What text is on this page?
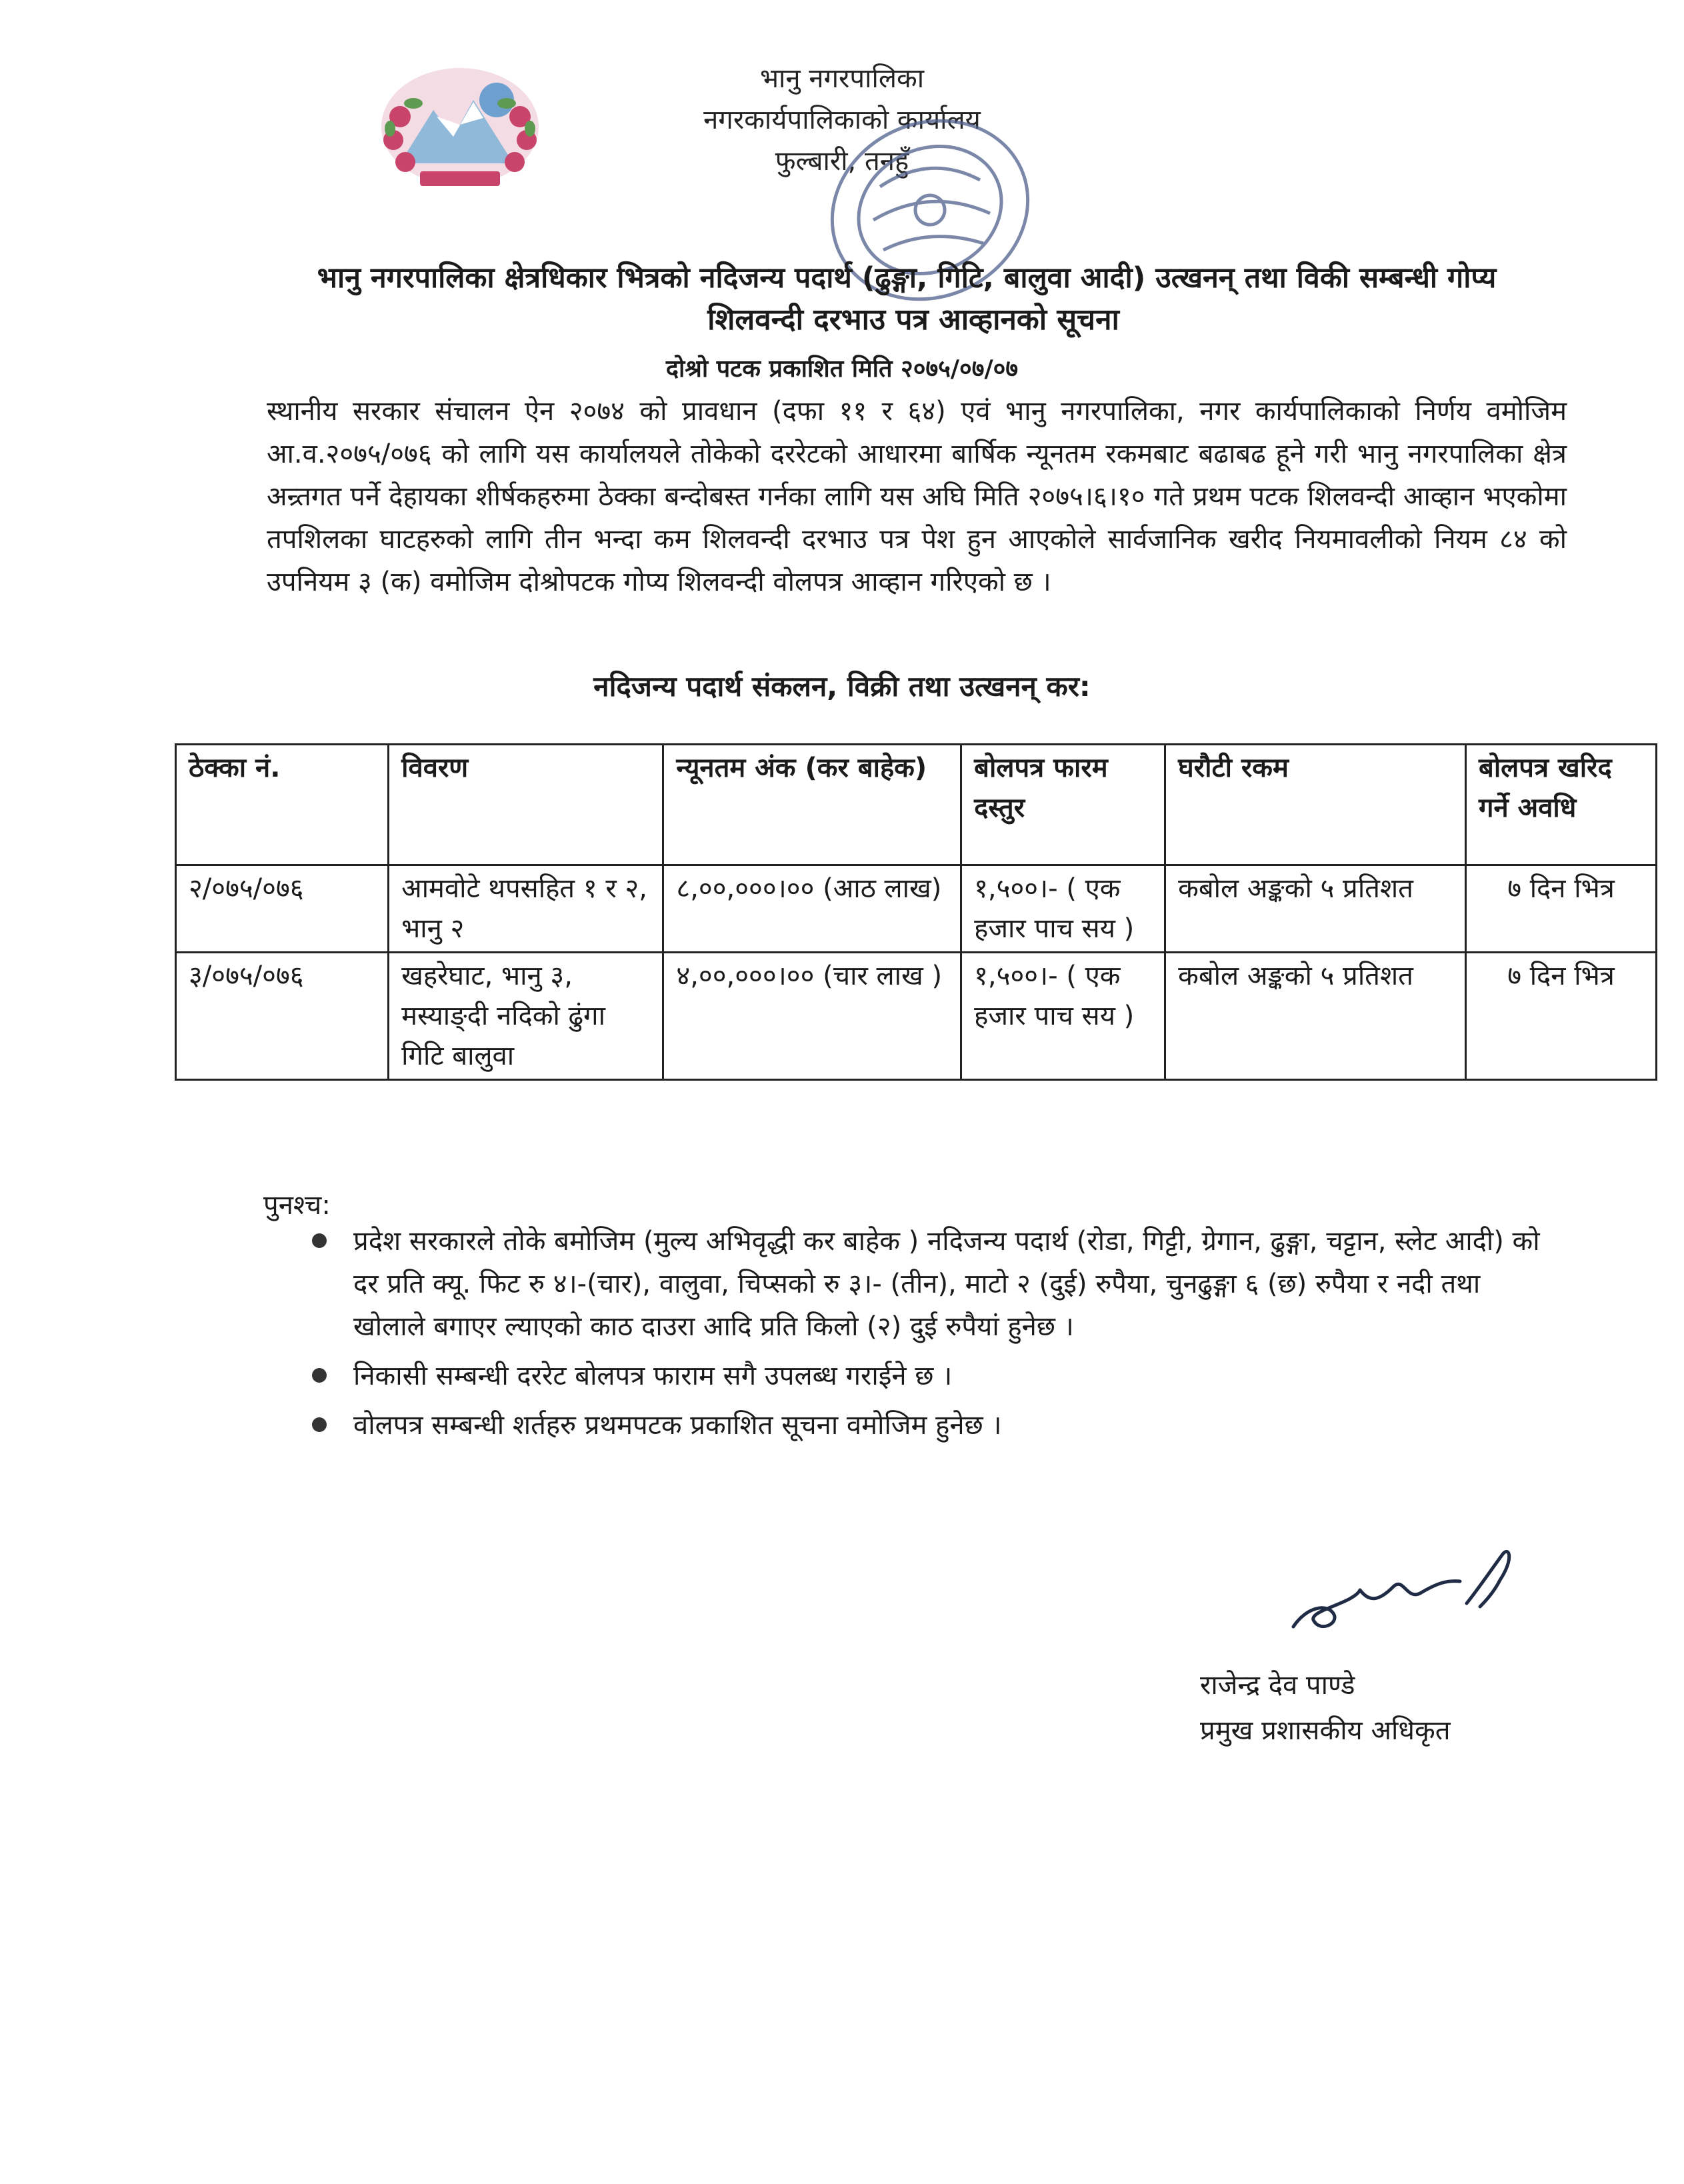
भानु नगरपालिका
नगरकार्यपालिकाको कार्यालय
फुल्बारी, तनहुँ
भानु नगरपालिका क्षेत्रधिकार भित्रको नदिजन्य पदार्थ (ढुङ्गा, गिटि, बालुवा आदी) उत्खनन् तथा विकी सम्बन्धी गोप्य
शिलवन्दी दरभाउ पत्र आव्हानको सूचना
दोश्रो पटक प्रकाशित मिति २०७५/०७/०७
स्थानीय सरकार संचालन ऐन २०७४ को प्रावधान (दफा ११ र ६४) एवं भानु नगरपालिका, नगर कार्यपालिकाको निर्णय वमोजिम आ.व.२०७५/०७६ को लागि यस कार्यालयले तोकेको दररेटको आधारमा बार्षिक न्यूनतम रकमबाट बढाबढ हूने गरी भानु नगरपालिका क्षेत्र अन्र्तगत पर्ने देहायका शीर्षकहरुमा ठेक्का बन्दोबस्त गर्नका लागि यस अघि मिति २०७५।६।१० गते प्रथम पटक शिलवन्दी आव्हान भएकोमा तपशिलका घाटहरुको लागि तीन भन्दा कम शिलवन्दी दरभाउ पत्र पेश हुन आएकोले सार्वजानिक खरीद नियमावलीको नियम ८४ को उपनियम ३ (क) वमोजिम दोश्रोपटक गोप्य शिलवन्दी वोलपत्र आव्हान गरिएको छ ।
नदिजन्य पदार्थ संकलन, विक्री तथा उत्खनन् कर:
ठेक्का नं.	विवरण	न्यूनतम अंक (कर बाहेक)	बोलपत्र फारम दस्तुर	घरौटी रकम	बोलपत्र खरिद गर्ने अवधि
२/०७५/०७६	आमवोटे थपसहित १ र २, भानु २	८,००,०००।०० (आठ लाख)	१,५००।- ( एक हजार पाच सय )	कबोल अङ्कको ५ प्रतिशत	७ दिन भित्र
३/०७५/०७६	खहरेघाट, भानु ३, मस्याङ्दी नदिको ढुंगा गिटि बालुवा	४,००,०००।०० (चार लाख )	१,५००।- ( एक हजार पाच सय )	कबोल अङ्कको ५ प्रतिशत	७ दिन भित्र
पुनश्च:
प्रदेश सरकारले तोके बमोजिम (मुल्य अभिवृद्धी कर बाहेक ) नदिजन्य पदार्थ (रोडा, गिट्टी, ग्रेगान, ढुङ्गा, चट्टान, स्लेट आदी) को दर प्रति क्यू. फिट रु ४।-(चार), वालुवा, चिप्सको रु ३।- (तीन), माटो २ (दुई) रुपैया, चुनढुङ्गा ६ (छ) रुपैया र नदी तथा खोलाले बगाएर ल्याएको काठ दाउरा आदि प्रति किलो (२) दुई रुपैयां हुनेछ ।
निकासी सम्बन्धी दररेट बोलपत्र फाराम सगै उपलब्ध गराईने छ ।
वोलपत्र सम्बन्धी शर्तहरु प्रथमपटक प्रकाशित सूचना वमोजिम हुनेछ ।
राजेन्द्र देव पाण्डे
प्रमुख प्रशासकीय अधिकृत
